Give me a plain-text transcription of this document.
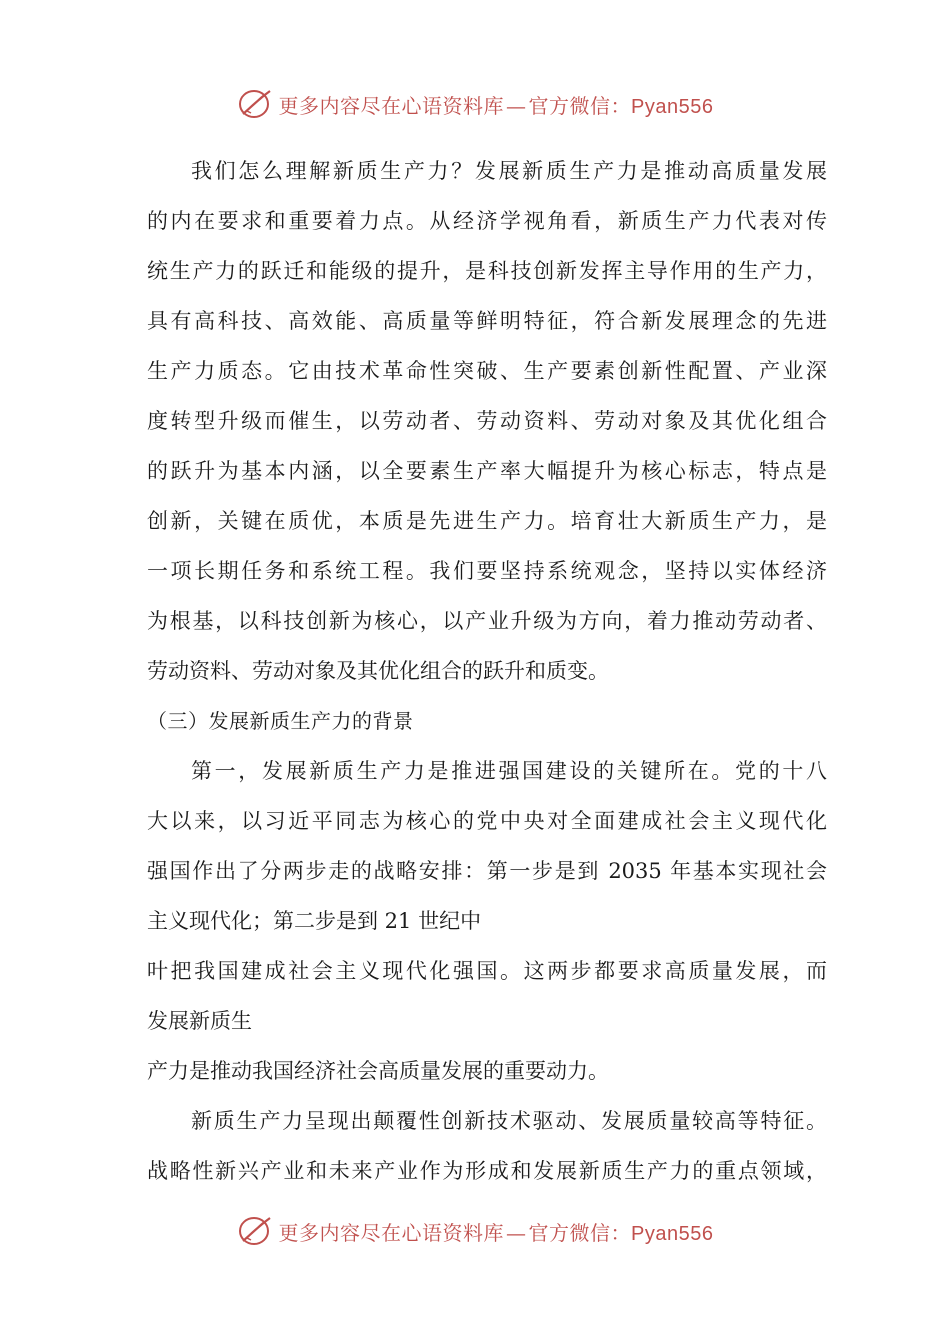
更多内容尽在心语资料库 — 官方微信：Pyan556
我们怎么理解新质生产力？发展新质生产力是推动高质量发展
的内在要求和重要着力点。从经济学视角看，新质生产力代表对传
统生产力的跃迁和能级的提升，是科技创新发挥主导作用的生产力，
具有高科技、高效能、高质量等鲜明特征，符合新发展理念的先进
生产力质态。它由技术革命性突破、生产要素创新性配置、产业深
度转型升级而催生，以劳动者、劳动资料、劳动对象及其优化组合
的跃升为基本内涵，以全要素生产率大幅提升为核心标志，特点是
创新，关键在质优，本质是先进生产力。培育壮大新质生产力，是
一项长期任务和系统工程。我们要坚持系统观念，坚持以实体经济
为根基，以科技创新为核心，以产业升级为方向，着力推动劳动者、
劳动资料、劳动对象及其优化组合的跃升和质变。
（三）发展新质生产力的背景
第一，发展新质生产力是推进强国建设的关键所在。党的十八
大以来，以习近平同志为核心的党中央对全面建成社会主义现代化
强国作出了分两步走的战略安排：第一步是到 2035 年基本实现社会
主义现代化；第二步是到 21 世纪中
叶把我国建成社会主义现代化强国。这两步都要求高质量发展，而
发展新质生
产力是推动我国经济社会高质量发展的重要动力。
新质生产力呈现出颠覆性创新技术驱动、发展质量较高等特征。
战略性新兴产业和未来产业作为形成和发展新质生产力的重点领域，
更多内容尽在心语资料库 — 官方微信：Pyan556
